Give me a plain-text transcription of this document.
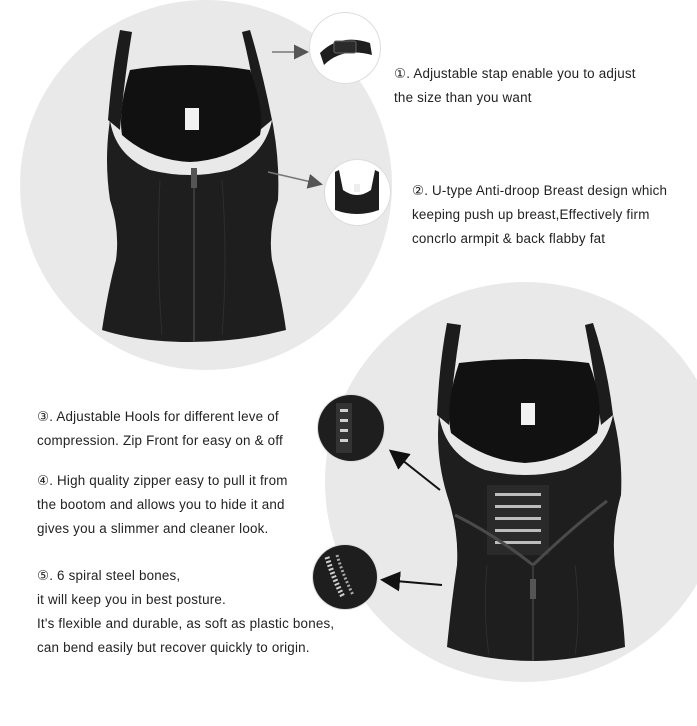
①. Adjustable stap enable you to adjust
the size than you want
②. U-type Anti-droop Breast design which
keeping push up breast,Effectively firm
concrlo armpit & back flabby fat
③. Adjustable Hools for different leve of
compression. Zip Front for easy on & off
④. High quality zipper easy to pull it from
the bootom and allows you to hide it and
gives you a slimmer and cleaner look.
⑤. 6 spiral steel bones,
it will keep you in best posture.
It's flexible and durable, as soft as plastic bones,
can bend easily but recover quickly to origin.
